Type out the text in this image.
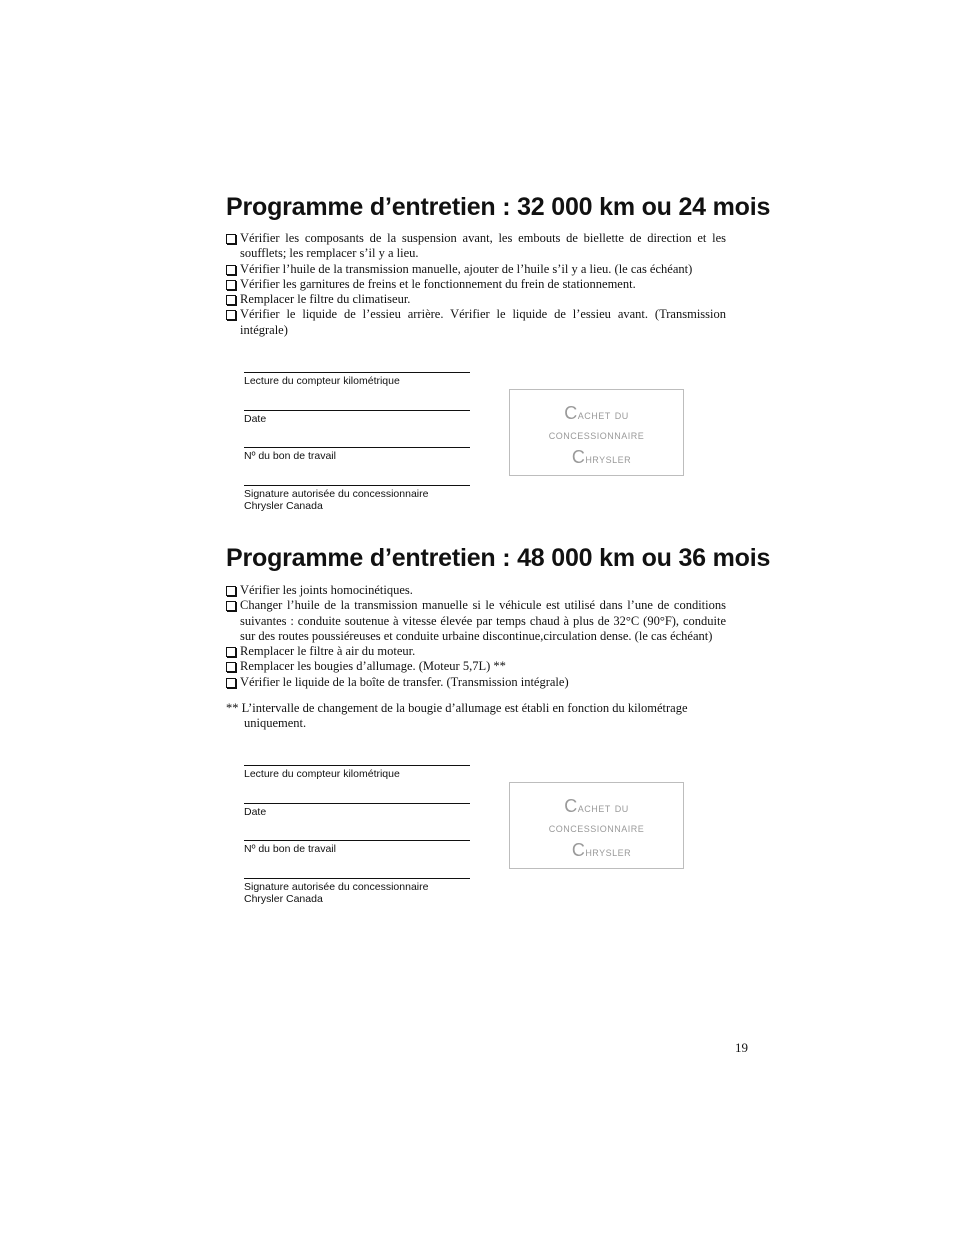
Programme d’entretien : 32 000 km ou 24 mois
Vérifier les composants de la suspension avant, les embouts de biellette de direction et les soufflets; les remplacer s’il y a lieu.
Vérifier l’huile de la transmission manuelle, ajouter de l’huile s’il y a lieu. (le cas échéant)
Vérifier les garnitures de freins et le fonctionnement du frein de stationnement.
Remplacer le filtre du climatiseur.
Vérifier le liquide de l’essieu arrière. Vérifier le liquide de l’essieu avant. (Transmission intégrale)
Lecture du compteur kilométrique
Date
Nº du bon de travail
Signature autorisée du concessionnaire
Chrysler Canada
Cachet du
concessionnaire
Chrysler
Programme d’entretien : 48 000 km ou 36 mois
Vérifier les joints homocinétiques.
Changer l’huile de la transmission manuelle si le véhicule est utilisé dans l’une de conditions suivantes : conduite soutenue à vitesse élevée par temps chaud à plus de 32°C (90°F), conduite sur des routes poussiéreuses et conduite urbaine discontinue,circulation dense. (le cas échéant)
Remplacer le filtre à air du moteur.
Remplacer les bougies d’allumage. (Moteur 5,7L) **
Vérifier le liquide de la boîte de transfer. (Transmission intégrale)

** L’intervalle de changement de la bougie d’allumage est établi en fonction du kilométrage uniquement.

Lecture du compteur kilométrique
Date
Nº du bon de travail
Signature autorisée du concessionnaire
Chrysler Canada
Cachet du
concessionnaire
Chrysler
19
